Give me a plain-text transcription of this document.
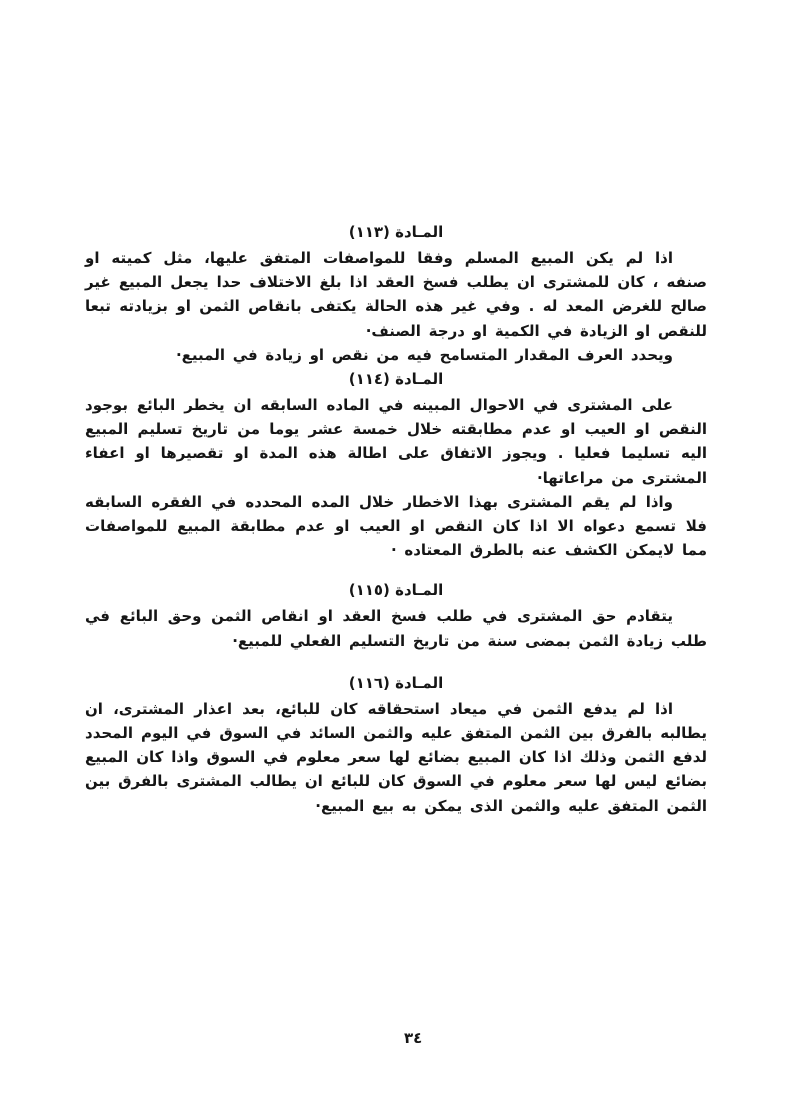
المـادة (١١٣)

اذا لم يكن المبيع المسلم وفقا للمواصفات المتفق عليها، مثل كميته او صنفه ، كان للمشترى ان يطلب فسخ العقد اذا بلغ الاختلاف حدا يجعل المبيع غير صالح للغرض المعد له . وفي غير هذه الحالة يكتفى بانقاص الثمن او بزيادته تبعا للنقص او الزيادة في الكمية او درجة الصنف·

ويحدد العرف المقدار المتسامح فيه من نقص او زيادة في المبيع·

المـادة (١١٤)

على المشترى في الاحوال المبينه في الماده السابقه ان يخطر البائع بوجود النقص او العيب او عدم مطابقته خلال خمسة عشر يوما من تاريخ تسليم المبيع اليه تسليما فعليا . ويجوز الاتفاق على اطالة هذه المدة او تقصيرها او اعفاء المشترى من مراعاتها·

واذا لم يقم المشترى بهذا الاخطار خلال المده المحدده في الفقره السابقه فلا تسمع دعواه الا اذا كان النقص او العيب او عدم مطابقة المبيع للمواصفات مما لايمكن الكشف عنه بالطرق المعتاده ·

المـادة (١١٥)

يتقادم حق المشترى في طلب فسخ العقد او انقاص الثمن وحق البائع في طلب زيادة الثمن بمضى سنة من تاريخ التسليم الفعلي للمبيع·

المـادة (١١٦)

اذا لم يدفع الثمن في ميعاد استحقاقه كان للبائع، بعد اعذار المشترى، ان يطالبه بالفرق بين الثمن المتفق عليه والثمن السائد في السوق في اليوم المحدد لدفع الثمن وذلك اذا كان المبيع بضائع لها سعر معلوم في السوق واذا كان المبيع بضائع ليس لها سعر معلوم في السوق كان للبائع ان يطالب المشترى بالفرق بين الثمن المتفق عليه والثمن الذى يمكن به بيع المبيع·

٣٤
